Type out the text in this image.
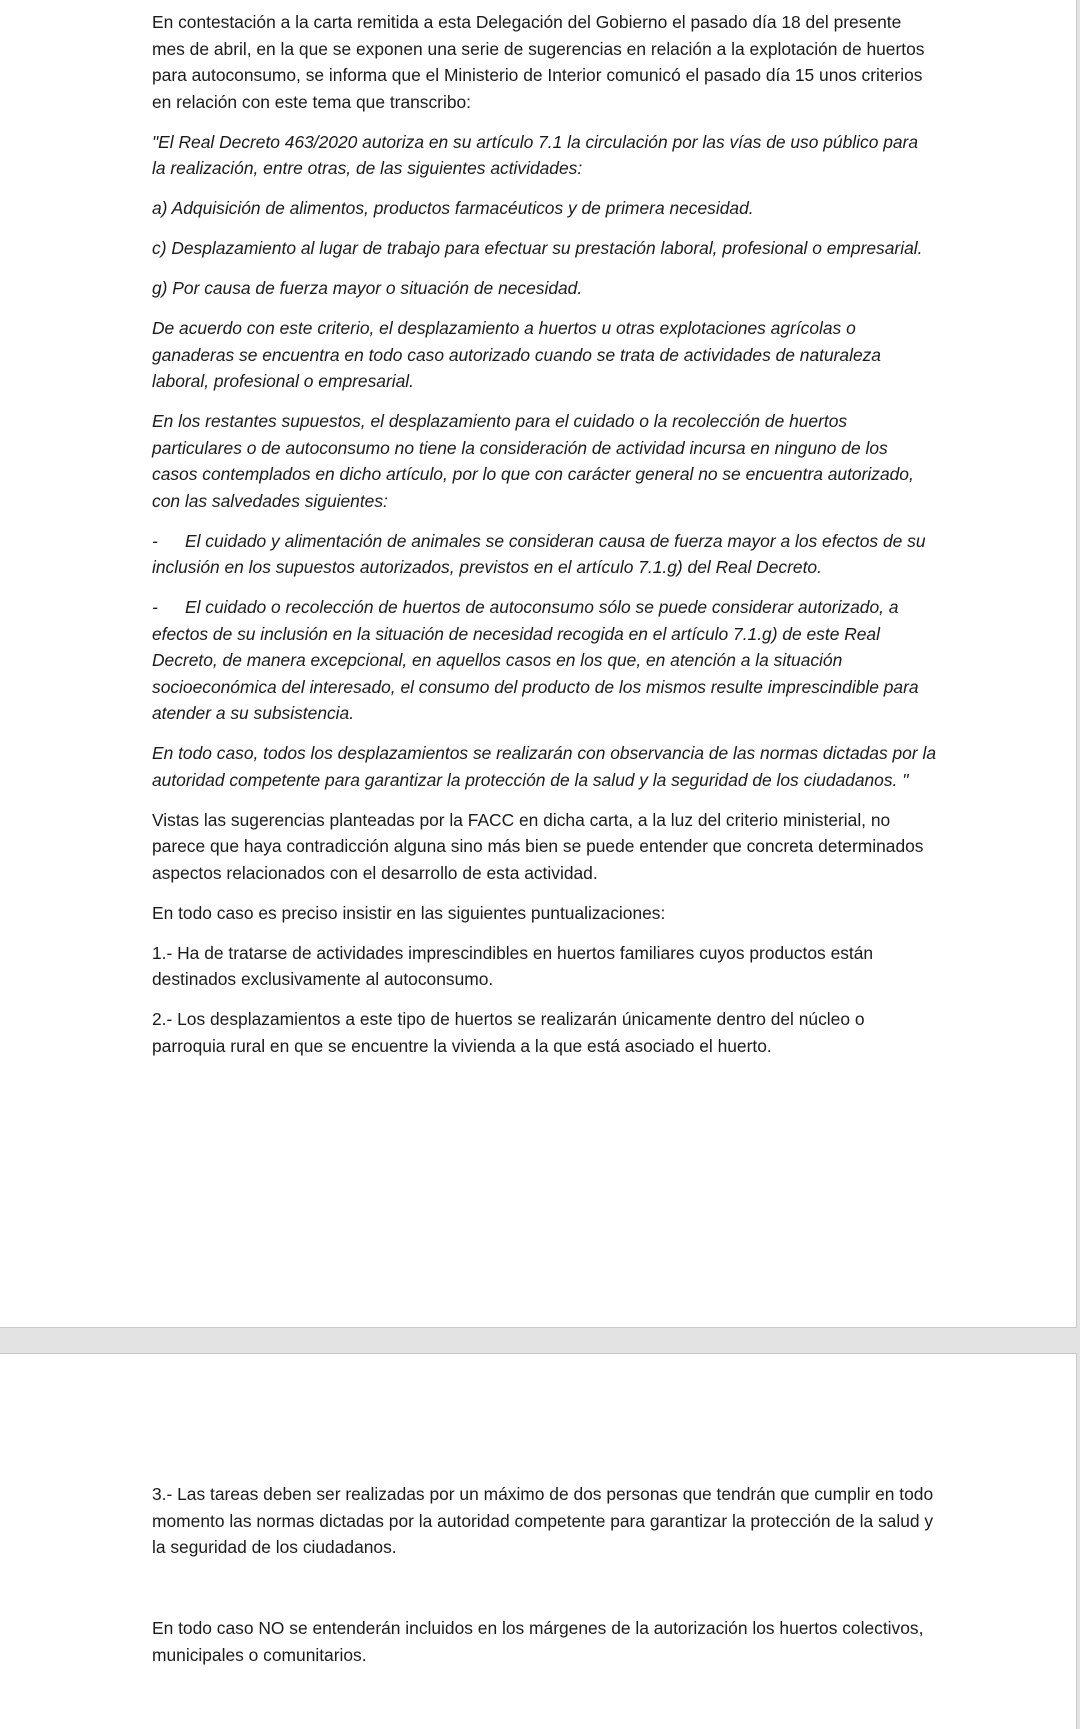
En contestación a la carta remitida a esta Delegación del Gobierno el pasado día 18 del presente mes de abril, en la que se exponen una serie de sugerencias en relación a la explotación de huertos para autoconsumo, se informa que el Ministerio de Interior comunicó el pasado día 15 unos criterios en relación con este tema que transcribo:

"El Real Decreto 463/2020 autoriza en su artículo 7.1 la circulación por las vías de uso público para la realización, entre otras, de las siguientes actividades:

a) Adquisición de alimentos, productos farmacéuticos y de primera necesidad.

c) Desplazamiento al lugar de trabajo para efectuar su prestación laboral, profesional o empresarial.

g) Por causa de fuerza mayor o situación de necesidad.

De acuerdo con este criterio, el desplazamiento a huertos u otras explotaciones agrícolas o ganaderas se encuentra en todo caso autorizado cuando se trata de actividades de naturaleza laboral, profesional o empresarial.

En los restantes supuestos, el desplazamiento para el cuidado o la recolección de huertos particulares o de autoconsumo no tiene la consideración de actividad incursa en ninguno de los casos contemplados en dicho artículo, por lo que con carácter general no se encuentra autorizado, con las salvedades siguientes:

- El cuidado y alimentación de animales se consideran causa de fuerza mayor a los efectos de su inclusión en los supuestos autorizados, previstos en el artículo 7.1.g) del Real Decreto.

- El cuidado o recolección de huertos de autoconsumo sólo se puede considerar autorizado, a efectos de su inclusión en la situación de necesidad recogida en el artículo 7.1.g) de este Real Decreto, de manera excepcional, en aquellos casos en los que, en atención a la situación socioeconómica del interesado, el consumo del producto de los mismos resulte imprescindible para atender a su subsistencia.

En todo caso, todos los desplazamientos se realizarán con observancia de las normas dictadas por la autoridad competente para garantizar la protección de la salud y la seguridad de los ciudadanos. "

Vistas las sugerencias planteadas por la FACC en dicha carta, a la luz del criterio ministerial, no parece que haya contradicción alguna sino más bien se puede entender que concreta determinados aspectos relacionados con el desarrollo de esta actividad.

En todo caso es preciso insistir en las siguientes puntualizaciones:

1.- Ha de tratarse de actividades imprescindibles en huertos familiares cuyos productos están destinados exclusivamente al autoconsumo.

2.- Los desplazamientos a este tipo de huertos se realizarán únicamente dentro del núcleo o parroquia rural en que se encuentre la vivienda a la que está asociado el huerto.

3.- Las tareas deben ser realizadas por un máximo de dos personas que tendrán que cumplir en todo momento las normas dictadas por la autoridad competente para garantizar la protección de la salud y la seguridad de los ciudadanos.

En todo caso NO se entenderán incluidos en los márgenes de la autorización los huertos colectivos, municipales o comunitarios.
